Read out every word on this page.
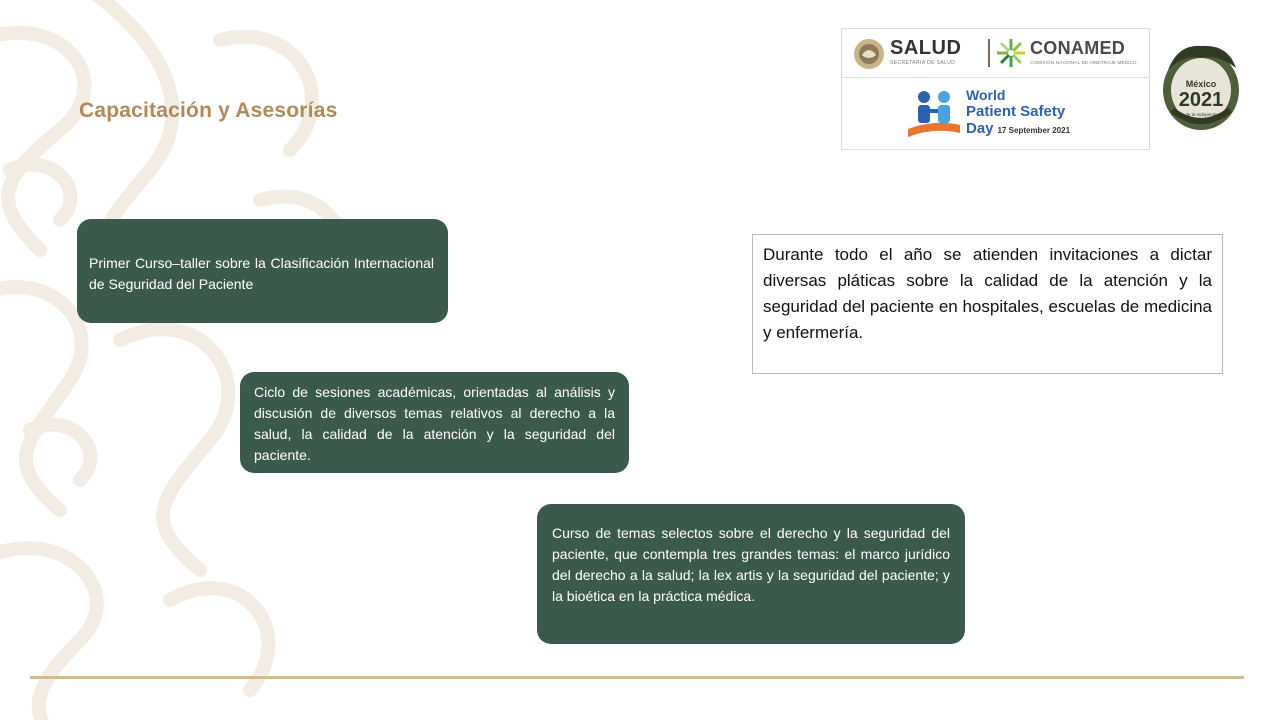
Capacitación y Asesorías
SALUD
SECRETARÍA DE SALUD
CONAMED
COMISIÓN NACIONAL DE ARBITRAJE MÉDICO
World
Patient Safety
Day 17 September 2021
México
2021
Año de la Independencia
Primer Curso–taller sobre la Clasificación Internacional de Seguridad del Paciente
Ciclo de sesiones académicas, orientadas al análisis y discusión de diversos temas relativos al derecho a la salud, la calidad de la atención y la seguridad del paciente.
Curso de temas selectos sobre el derecho y la seguridad del paciente, que contempla tres grandes temas: el marco jurídico del derecho a la salud; la lex artis y la seguridad del paciente; y la bioética en la práctica médica.
Durante todo el año se atienden invitaciones a dictar diversas pláticas sobre la calidad de la atención y la seguridad del paciente en hospitales, escuelas de medicina y enfermería.
